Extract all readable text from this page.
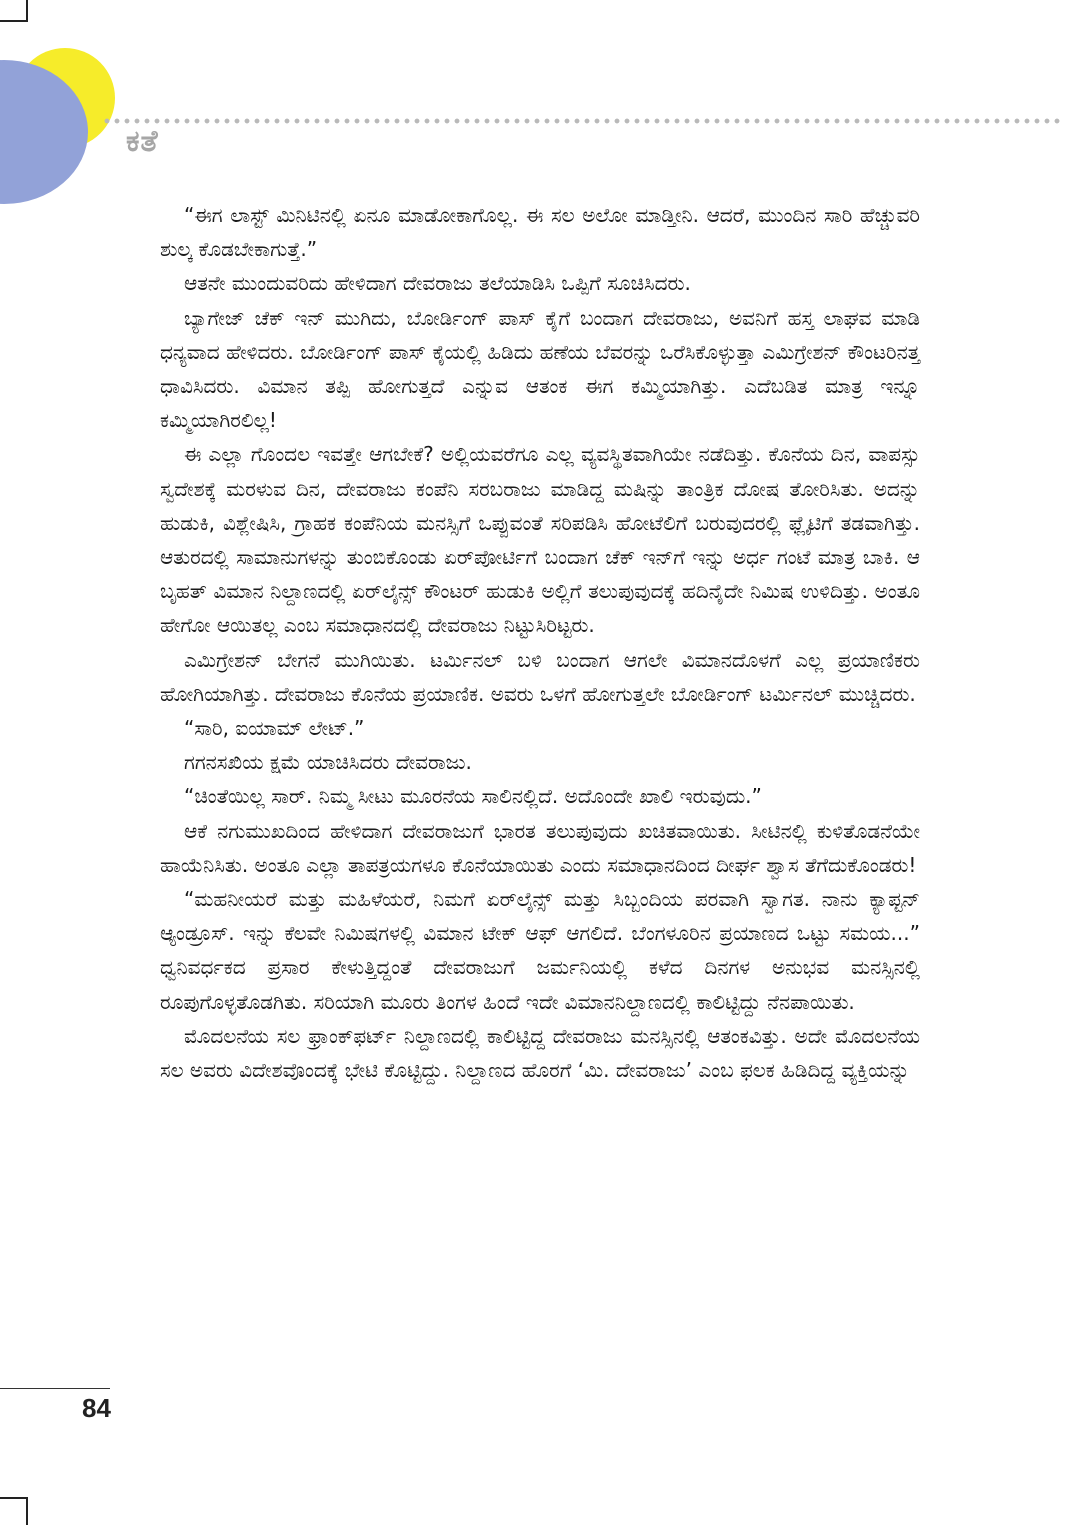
ಕತೆ

“ಈಗ ಲಾಸ್ಟ್ ಮಿನಿಟಿನಲ್ಲಿ ಏನೂ ಮಾಡೋಕಾಗೊಲ್ಲ. ಈ ಸಲ ಅಲೋ ಮಾಡ್ತೀನಿ. ಆದರೆ, ಮುಂದಿನ ಸಾರಿ ಹೆಚ್ಚುವರಿ ಶುಲ್ಕ ಕೊಡಬೇಕಾಗುತ್ತೆ.”

ಆತನೇ ಮುಂದುವರಿದು ಹೇಳಿದಾಗ ದೇವರಾಜು ತಲೆಯಾಡಿಸಿ ಒಪ್ಪಿಗೆ ಸೂಚಿಸಿದರು.

ಬ್ಯಾಗೇಜ್ ಚೆಕ್ ಇನ್ ಮುಗಿದು, ಬೋರ್ಡಿಂಗ್ ಪಾಸ್ ಕೈಗೆ ಬಂದಾಗ ದೇವರಾಜು, ಅವನಿಗೆ ಹಸ್ತ ಲಾಘವ ಮಾಡಿ ಧನ್ಯವಾದ ಹೇಳಿದರು. ಬೋರ್ಡಿಂಗ್ ಪಾಸ್ ಕೈಯಲ್ಲಿ ಹಿಡಿದು ಹಣೆಯ ಬೆವರನ್ನು ಒರೆಸಿಕೊಳ್ಳುತ್ತಾ ಎಮಿಗ್ರೇಶನ್ ಕೌಂಟರಿನತ್ತ ಧಾವಿಸಿದರು. ವಿಮಾನ ತಪ್ಪಿ ಹೋಗುತ್ತದೆ ಎನ್ನುವ ಆತಂಕ ಈಗ ಕಮ್ಮಿಯಾಗಿತ್ತು. ಎದೆಬಡಿತ ಮಾತ್ರ ಇನ್ನೂ ಕಮ್ಮಿಯಾಗಿರಲಿಲ್ಲ!

ಈ ಎಲ್ಲಾ ಗೊಂದಲ ಇವತ್ತೇ ಆಗಬೇಕೆ? ಅಲ್ಲಿಯವರೆಗೂ ಎಲ್ಲ ವ್ಯವಸ್ಥಿತವಾಗಿಯೇ ನಡೆದಿತ್ತು. ಕೊನೆಯ ದಿನ, ವಾಪಸ್ಸು ಸ್ವದೇಶಕ್ಕೆ ಮರಳುವ ದಿನ, ದೇವರಾಜು ಕಂಪೆನಿ ಸರಬರಾಜು ಮಾಡಿದ್ದ ಮಷಿನ್ನು ತಾಂತ್ರಿಕ ದೋಷ ತೋರಿಸಿತು. ಅದನ್ನು ಹುಡುಕಿ, ವಿಶ್ಲೇಷಿಸಿ, ಗ್ರಾಹಕ ಕಂಪೆನಿಯ ಮನಸ್ಸಿಗೆ ಒಪ್ಪುವಂತೆ ಸರಿಪಡಿಸಿ ಹೋಟೆಲಿಗೆ ಬರುವುದರಲ್ಲಿ ಫ್ಲೈಟಿಗೆ ತಡವಾಗಿತ್ತು. ಆತುರದಲ್ಲಿ ಸಾಮಾನುಗಳನ್ನು ತುಂಬಿಕೊಂಡು ಏರ್‌ಪೋರ್ಟಿಗೆ ಬಂದಾಗ ಚೆಕ್ ಇನ್‌ಗೆ ಇನ್ನು ಅರ್ಧ ಗಂಟೆ ಮಾತ್ರ ಬಾಕಿ. ಆ ಬೃಹತ್ ವಿಮಾನ ನಿಲ್ದಾಣದಲ್ಲಿ ಏರ್‌ಲೈನ್ಸ್ ಕೌಂಟರ್ ಹುಡುಕಿ ಅಲ್ಲಿಗೆ ತಲುಪುವುದಕ್ಕೆ ಹದಿನೈದೇ ನಿಮಿಷ ಉಳಿದಿತ್ತು. ಅಂತೂ ಹೇಗೋ ಆಯಿತಲ್ಲ ಎಂಬ ಸಮಾಧಾನದಲ್ಲಿ ದೇವರಾಜು ನಿಟ್ಟುಸಿರಿಟ್ಟರು.

ಎಮಿಗ್ರೇಶನ್ ಬೇಗನೆ ಮುಗಿಯಿತು. ಟರ್ಮಿನಲ್ ಬಳಿ ಬಂದಾಗ ಆಗಲೇ ವಿಮಾನದೊಳಗೆ ಎಲ್ಲ ಪ್ರಯಾಣಿಕರು ಹೋಗಿಯಾಗಿತ್ತು. ದೇವರಾಜು ಕೊನೆಯ ಪ್ರಯಾಣಿಕ. ಅವರು ಒಳಗೆ ಹೋಗುತ್ತಲೇ ಬೋರ್ಡಿಂಗ್ ಟರ್ಮಿನಲ್ ಮುಚ್ಚಿದರು.

“ಸಾರಿ, ಐಯಾಮ್ ಲೇಟ್.”

ಗಗನಸಖಿಯ ಕ್ಷಮೆ ಯಾಚಿಸಿದರು ದೇವರಾಜು.

“ಚಿಂತೆಯಿಲ್ಲ ಸಾರ್. ನಿಮ್ಮ ಸೀಟು ಮೂರನೆಯ ಸಾಲಿನಲ್ಲಿದೆ. ಅದೊಂದೇ ಖಾಲಿ ಇರುವುದು.”

ಆಕೆ ನಗುಮುಖದಿಂದ ಹೇಳಿದಾಗ ದೇವರಾಜುಗೆ ಭಾರತ ತಲುಪುವುದು ಖಚಿತವಾಯಿತು. ಸೀಟಿನಲ್ಲಿ ಕುಳಿತೊಡನೆಯೇ ಹಾಯೆನಿಸಿತು. ಅಂತೂ ಎಲ್ಲಾ ತಾಪತ್ರಯಗಳೂ ಕೊನೆಯಾಯಿತು ಎಂದು ಸಮಾಧಾನದಿಂದ ದೀರ್ಘ ಶ್ವಾಸ ತೆಗೆದುಕೊಂಡರು!

“ಮಹನೀಯರೆ ಮತ್ತು ಮಹಿಳೆಯರೆ, ನಿಮಗೆ ಏರ್‌ಲೈನ್ಸ್ ಮತ್ತು ಸಿಬ್ಬಂದಿಯ ಪರವಾಗಿ ಸ್ವಾಗತ. ನಾನು ಕ್ಯಾಪ್ಟನ್ ಆ್ಯಂಡ್ರೂಸ್. ಇನ್ನು ಕೆಲವೇ ನಿಮಿಷಗಳಲ್ಲಿ ವಿಮಾನ ಟೇಕ್ ಆಫ್ ಆಗಲಿದೆ. ಬೆಂಗಳೂರಿನ ಪ್ರಯಾಣದ ಒಟ್ಟು ಸಮಯ...” ಧ್ವನಿವರ್ಧಕದ ಪ್ರಸಾರ ಕೇಳುತ್ತಿದ್ದಂತೆ ದೇವರಾಜುಗೆ ಜರ್ಮನಿಯಲ್ಲಿ ಕಳೆದ ದಿನಗಳ ಅನುಭವ ಮನಸ್ಸಿನಲ್ಲಿ ರೂಪುಗೊಳ್ಳತೊಡಗಿತು. ಸರಿಯಾಗಿ ಮೂರು ತಿಂಗಳ ಹಿಂದೆ ಇದೇ ವಿಮಾನನಿಲ್ದಾಣದಲ್ಲಿ ಕಾಲಿಟ್ಟಿದ್ದು ನೆನಪಾಯಿತು.

ಮೊದಲನೆಯ ಸಲ ಫ್ರಾಂಕ್‌ಫರ್ಟ್ ನಿಲ್ದಾಣದಲ್ಲಿ ಕಾಲಿಟ್ಟಿದ್ದ ದೇವರಾಜು ಮನಸ್ಸಿನಲ್ಲಿ ಆತಂಕವಿತ್ತು. ಅದೇ ಮೊದಲನೆಯ ಸಲ ಅವರು ವಿದೇಶವೊಂದಕ್ಕೆ ಭೇಟಿ ಕೊಟ್ಟಿದ್ದು. ನಿಲ್ದಾಣದ ಹೊರಗೆ ‘ಮಿ. ದೇವರಾಜು’ ಎಂಬ ಫಲಕ ಹಿಡಿದಿದ್ದ ವ್ಯಕ್ತಿಯನ್ನು

84
